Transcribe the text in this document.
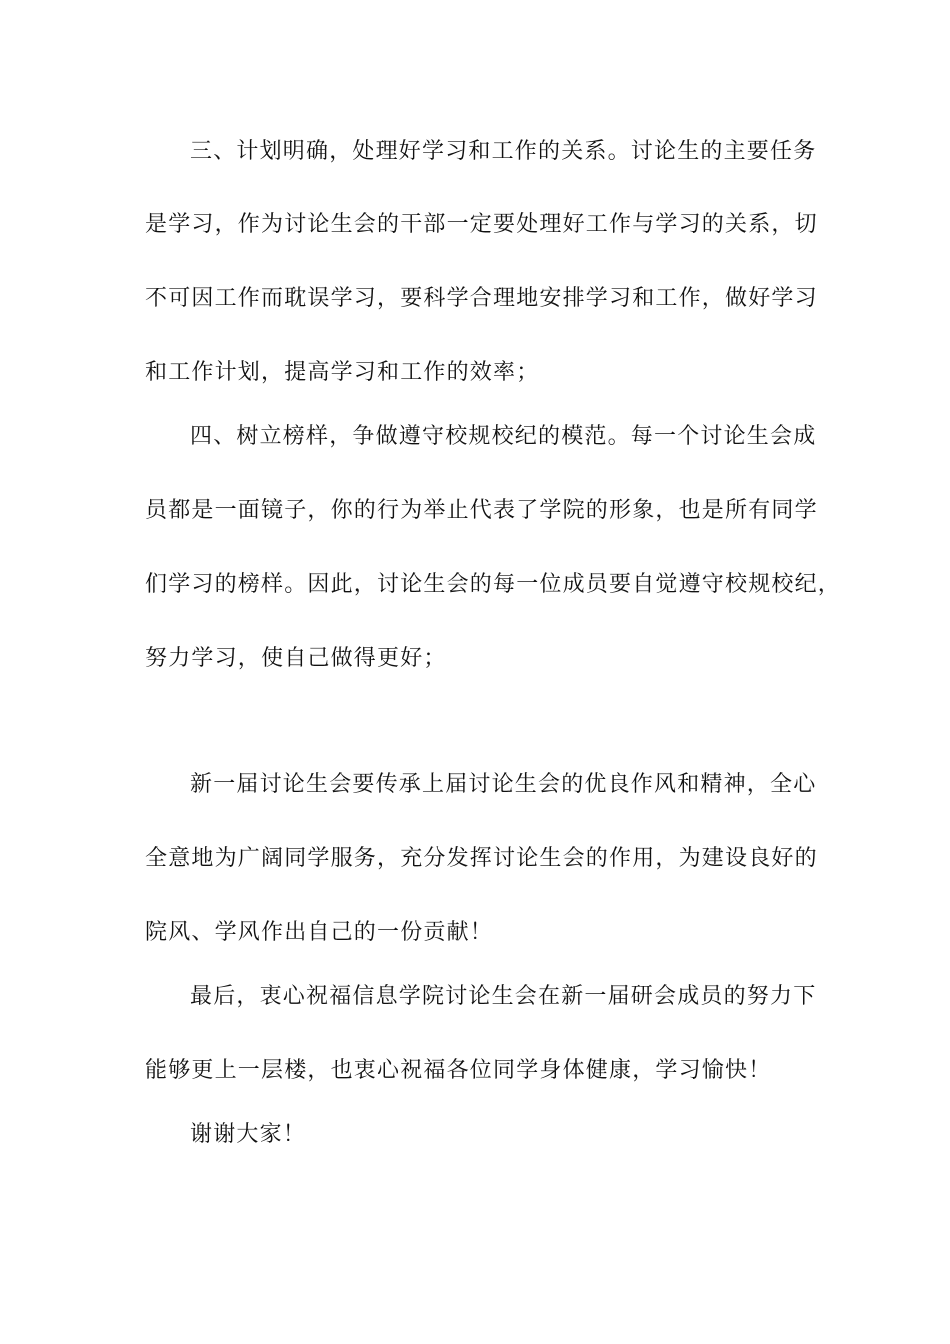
三、计划明确，处理好学习和工作的关系。讨论生的主要任务
是学习，作为讨论生会的干部一定要处理好工作与学习的关系，切
不可因工作而耽误学习，要科学合理地安排学习和工作，做好学习
和工作计划，提高学习和工作的效率；
四、树立榜样，争做遵守校规校纪的模范。每一个讨论生会成
员都是一面镜子，你的行为举止代表了学院的形象，也是所有同学
们学习的榜样。因此，讨论生会的每一位成员要自觉遵守校规校纪，
努力学习，使自己做得更好；
新一届讨论生会要传承上届讨论生会的优良作风和精神，全心
全意地为广阔同学服务，充分发挥讨论生会的作用，为建设良好的
院风、学风作出自己的一份贡献！
最后，衷心祝福信息学院讨论生会在新一届研会成员的努力下
能够更上一层楼，也衷心祝福各位同学身体健康，学习愉快！
谢谢大家！
